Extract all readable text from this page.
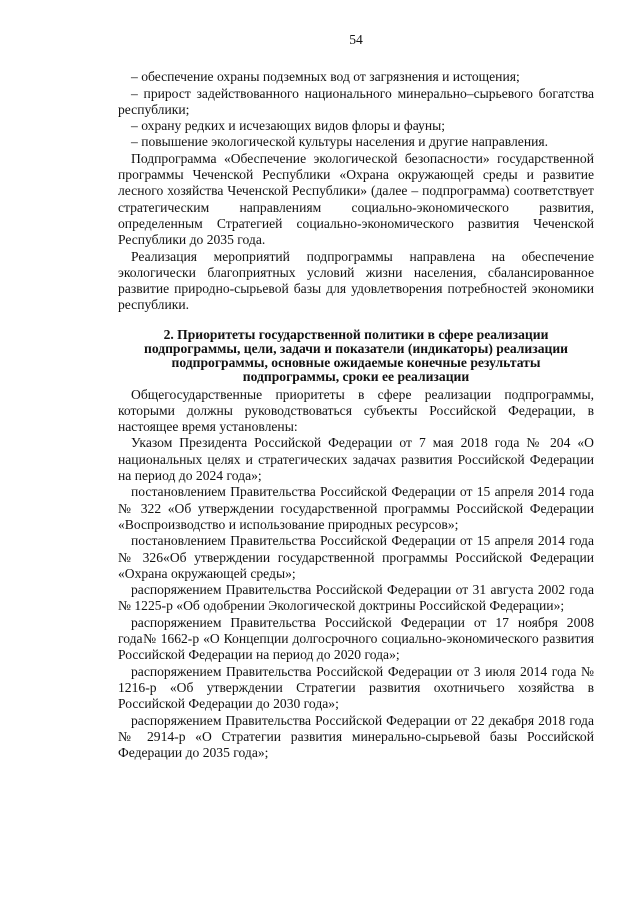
54

– обеспечение охраны подземных вод от загрязнения и истощения;

– прирост задействованного национального минерально–сырьевого богатства республики;

– охрану редких и исчезающих видов флоры и фауны;

– повышение экологической культуры населения и другие направления.

Подпрограмма «Обеспечение экологической безопасности» государственной программы Чеченской Республики «Охрана окружающей среды и развитие лесного хозяйства Чеченской Республики» (далее – подпрограмма) соответствует стратегическим направлениям социально-экономического развития, определенным Стратегией социально-экономического развития Чеченской Республики до 2035 года.

Реализация мероприятий подпрограммы направлена на обеспечение экологически благоприятных условий жизни населения, сбалансированное развитие природно-сырьевой базы для удовлетворения потребностей экономики республики.

2. Приоритеты государственной политики в сфере реализации
подпрограммы, цели, задачи и показатели (индикаторы) реализации
подпрограммы, основные ожидаемые конечные результаты
подпрограммы, сроки ее реализации

Общегосударственные приоритеты в сфере реализации подпрограммы, которыми должны руководствоваться субъекты Российской Федерации, в настоящее время установлены:

Указом Президента Российской Федерации от 7 мая 2018 года № 204 «О национальных целях и стратегических задачах развития Российской Федерации на период до 2024 года»;

постановлением Правительства Российской Федерации от 15 апреля 2014 года № 322 «Об утверждении государственной программы Российской Федерации «Воспроизводство и использование природных ресурсов»;

постановлением Правительства Российской Федерации от 15 апреля 2014 года № 326«Об утверждении государственной программы Российской Федерации «Охрана окружающей среды»;

распоряжением Правительства Российской Федерации от 31 августа 2002 года № 1225-р «Об одобрении Экологической доктрины Российской Федерации»;

распоряжением Правительства Российской Федерации от 17 ноября 2008 года№ 1662-р «О Концепции долгосрочного социально-экономического развития Российской Федерации на период до 2020 года»;

распоряжением Правительства Российской Федерации от 3 июля 2014 года № 1216-р «Об утверждении Стратегии развития охотничьего хозяйства в Российской Федерации до 2030 года»;

распоряжением Правительства Российской Федерации от 22 декабря 2018 года № 2914-р «О Стратегии развития минерально-сырьевой базы Российской Федерации до 2035 года»;
